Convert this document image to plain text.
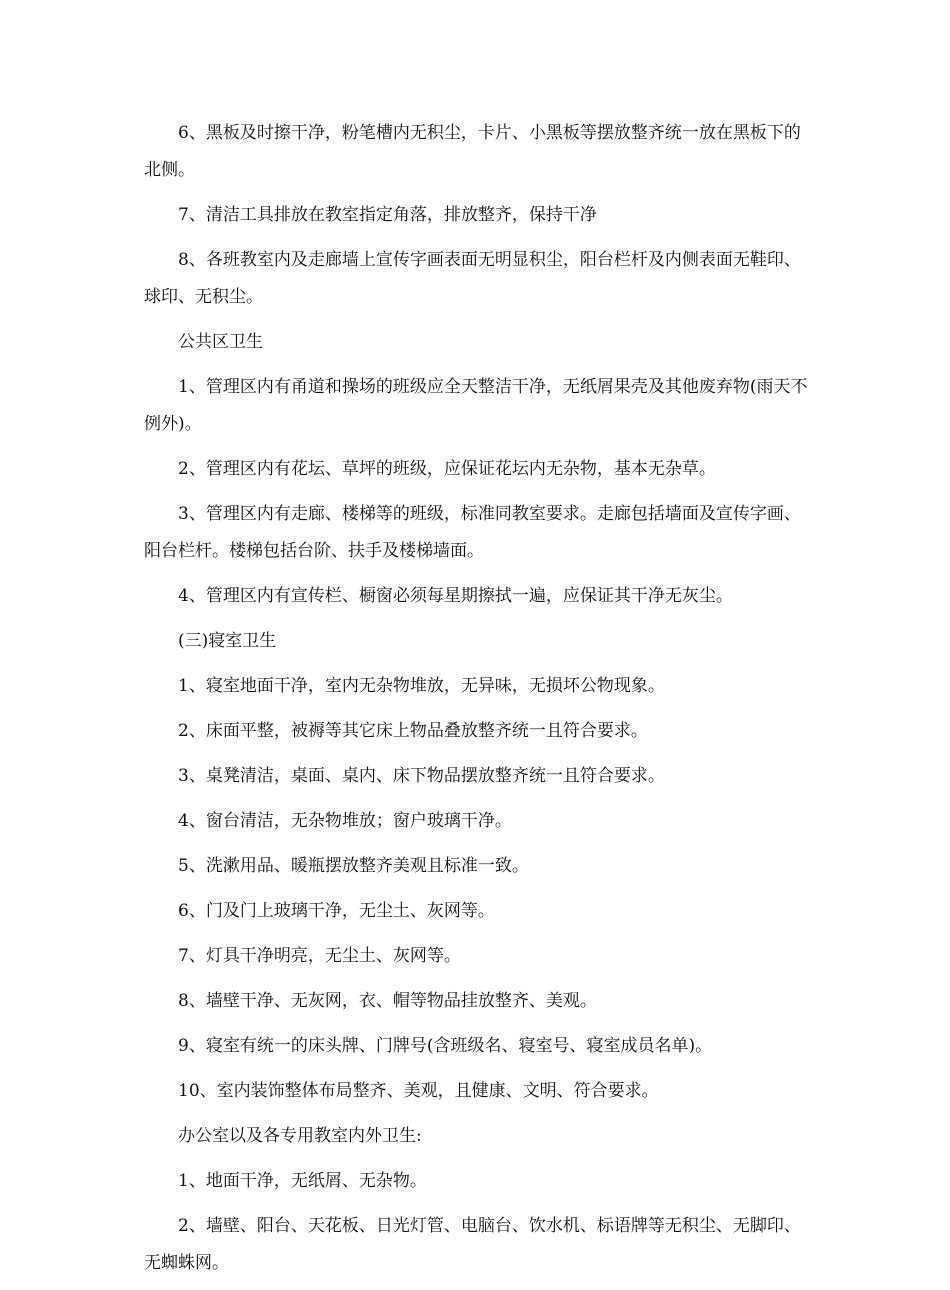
6、黑板及时擦干净，粉笔槽内无积尘，卡片、小黑板等摆放整齐统一放在黑板下的北侧。

7、清洁工具排放在教室指定角落，排放整齐，保持干净

8、各班教室内及走廊墙上宣传字画表面无明显积尘，阳台栏杆及内侧表面无鞋印、球印、无积尘。

公共区卫生

1、管理区内有甬道和操场的班级应全天整洁干净，无纸屑果壳及其他废弃物(雨天不例外)。

2、管理区内有花坛、草坪的班级，应保证花坛内无杂物，基本无杂草。

3、管理区内有走廊、楼梯等的班级，标准同教室要求。走廊包括墙面及宣传字画、阳台栏杆。楼梯包括台阶、扶手及楼梯墙面。

4、管理区内有宣传栏、橱窗必须每星期擦拭一遍，应保证其干净无灰尘。

(三)寝室卫生

1、寝室地面干净，室内无杂物堆放，无异味，无损坏公物现象。

2、床面平整，被褥等其它床上物品叠放整齐统一且符合要求。

3、桌凳清洁，桌面、桌内、床下物品摆放整齐统一且符合要求。

4、窗台清洁，无杂物堆放；窗户玻璃干净。

5、洗漱用品、暖瓶摆放整齐美观且标准一致。

6、门及门上玻璃干净，无尘土、灰网等。

7、灯具干净明亮，无尘土、灰网等。

8、墙壁干净、无灰网，衣、帽等物品挂放整齐、美观。

9、寝室有统一的床头牌、门牌号(含班级名、寝室号、寝室成员名单)。

10、室内装饰整体布局整齐、美观，且健康、文明、符合要求。

办公室以及各专用教室内外卫生:

1、地面干净，无纸屑、无杂物。

2、墙壁、阳台、天花板、日光灯管、电脑台、饮水机、标语牌等无积尘、无脚印、无蜘蛛网。
